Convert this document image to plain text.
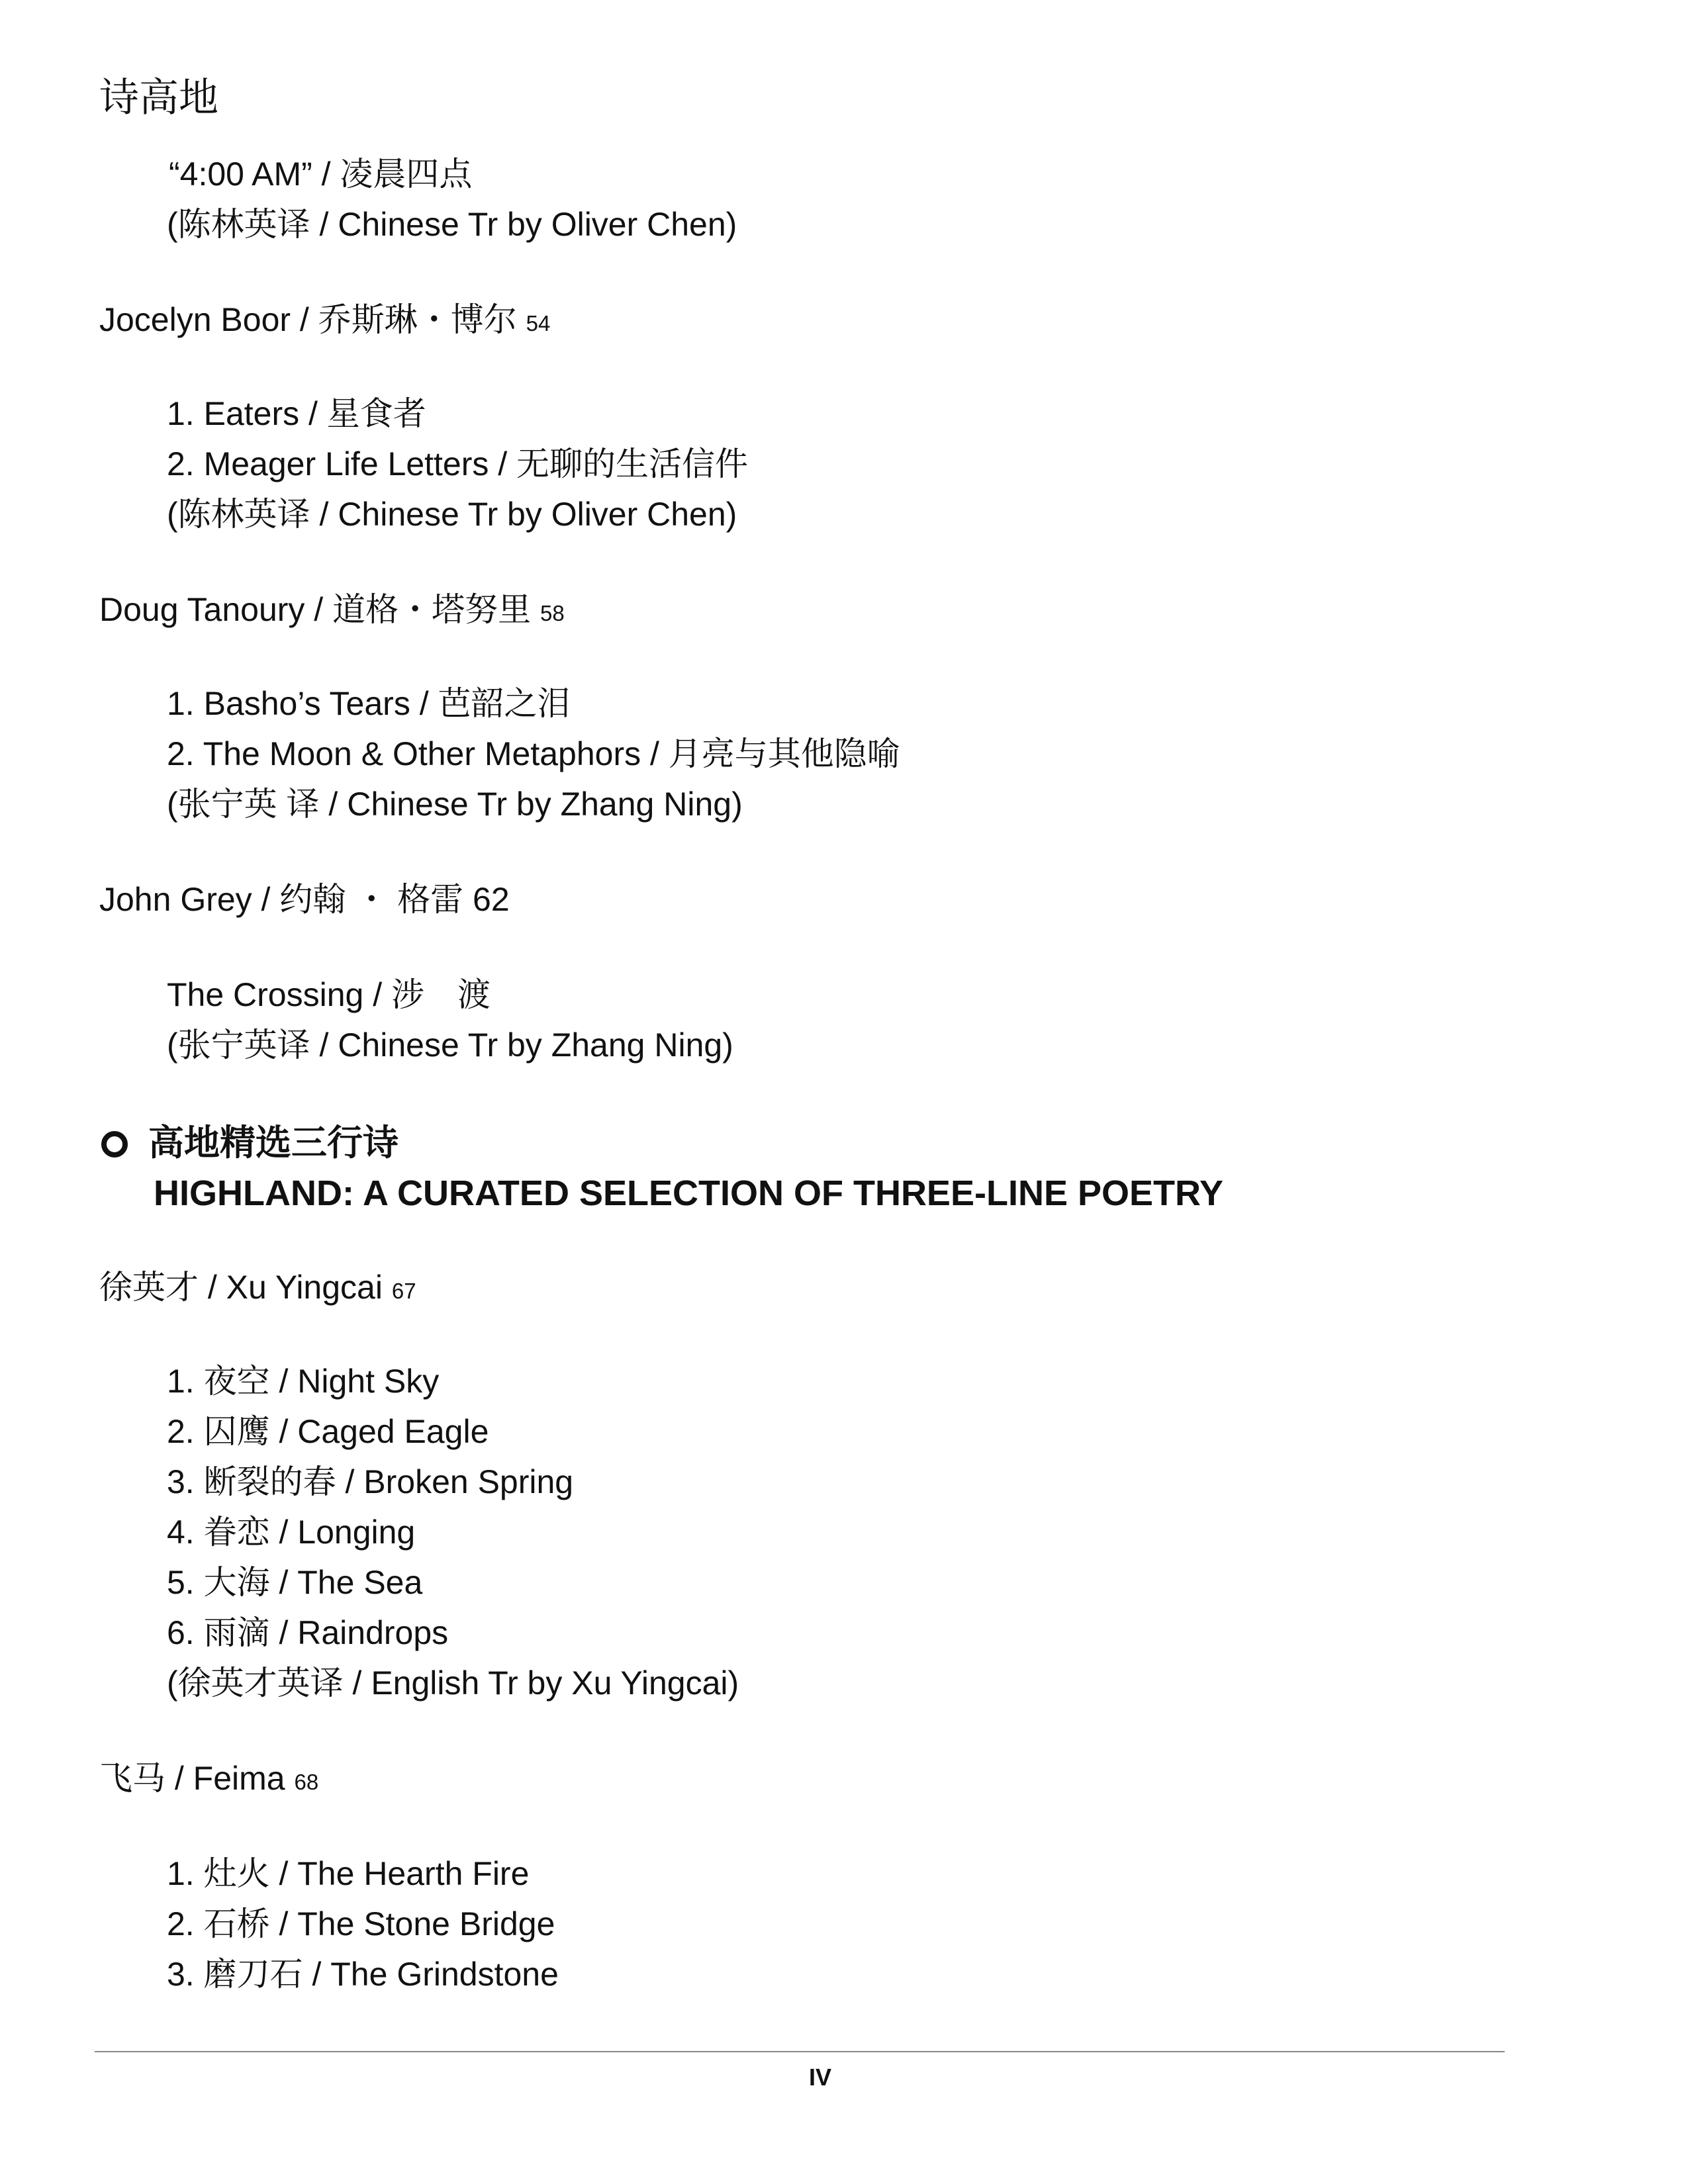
诗高地
“4:00 AM” / 凌晨四点
(陈林英译 / Chinese Tr by Oliver Chen)
Jocelyn Boor / 乔斯琳・博尔 54
1. Eaters / 星食者
2. Meager Life Letters / 无聊的生活信件
(陈林英译 / Chinese Tr by Oliver Chen)
Doug Tanoury / 道格・塔努里 58
1. Basho’s Tears / 芭韶之泪
2. The Moon & Other Metaphors / 月亮与其他隐喻
(张宁英 译 / Chinese Tr by Zhang Ning)
John Grey / 约翰 ・ 格雷 62
The Crossing / 涉　渡
(张宁英译 / Chinese Tr by Zhang Ning)
高地精选三行诗
HIGHLAND: A CURATED SELECTION OF THREE-LINE POETRY
徐英才 / Xu Yingcai 67
1. 夜空 / Night Sky
2. 囚鹰 / Caged Eagle
3. 断裂的春 / Broken Spring
4. 眷恋 / Longing
5. 大海 / The Sea
6. 雨滴 / Raindrops
(徐英才英译 / English Tr by Xu Yingcai)
飞马 / Feima 68
1. 灶火 / The Hearth Fire
2. 石桥 / The Stone Bridge
3. 磨刀石 / The Grindstone
IV
